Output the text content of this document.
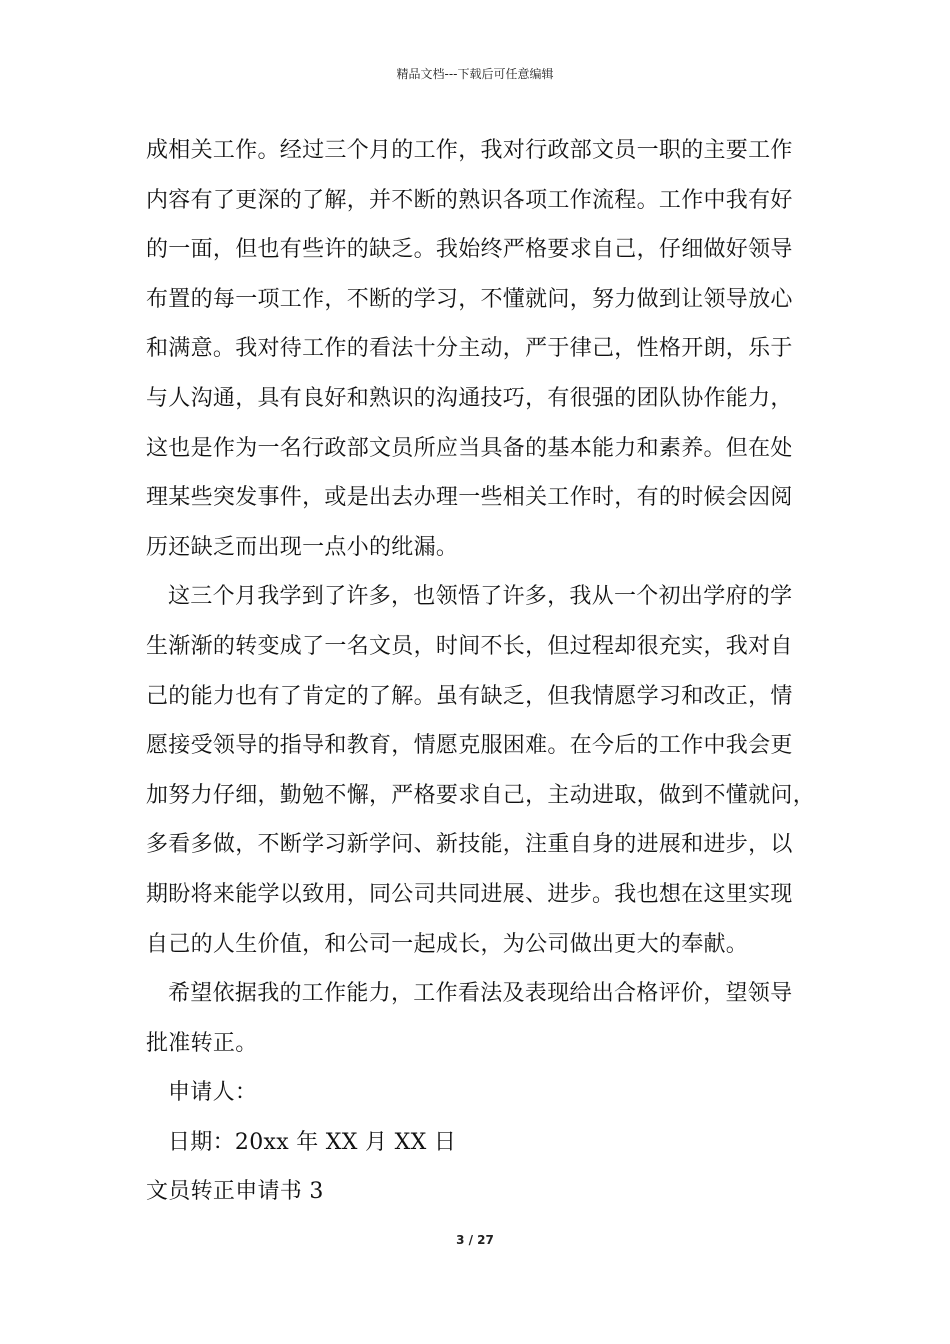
精品文档---下载后可任意编辑
成相关工作。经过三个月的工作，我对行政部文员一职的主要工作
内容有了更深的了解，并不断的熟识各项工作流程。工作中我有好
的一面，但也有些许的缺乏。我始终严格要求自己，仔细做好领导
布置的每一项工作，不断的学习，不懂就问，努力做到让领导放心
和满意。我对待工作的看法十分主动，严于律己，性格开朗，乐于
与人沟通，具有良好和熟识的沟通技巧，有很强的团队协作能力，
这也是作为一名行政部文员所应当具备的基本能力和素养。但在处
理某些突发事件，或是出去办理一些相关工作时，有的时候会因阅
历还缺乏而出现一点小的纰漏。
这三个月我学到了许多，也领悟了许多，我从一个初出学府的学
生渐渐的转变成了一名文员，时间不长，但过程却很充实，我对自
己的能力也有了肯定的了解。虽有缺乏，但我情愿学习和改正，情
愿接受领导的指导和教育，情愿克服困难。在今后的工作中我会更
加努力仔细，勤勉不懈，严格要求自己，主动进取，做到不懂就问，
多看多做，不断学习新学问、新技能，注重自身的进展和进步，以
期盼将来能学以致用，同公司共同进展、进步。我也想在这里实现
自己的人生价值，和公司一起成长，为公司做出更大的奉献。
希望依据我的工作能力，工作看法及表现给出合格评价，望领导
批准转正。
申请人：
日期：20xx 年 XX 月 XX 日
文员转正申请书 3
3 / 27
